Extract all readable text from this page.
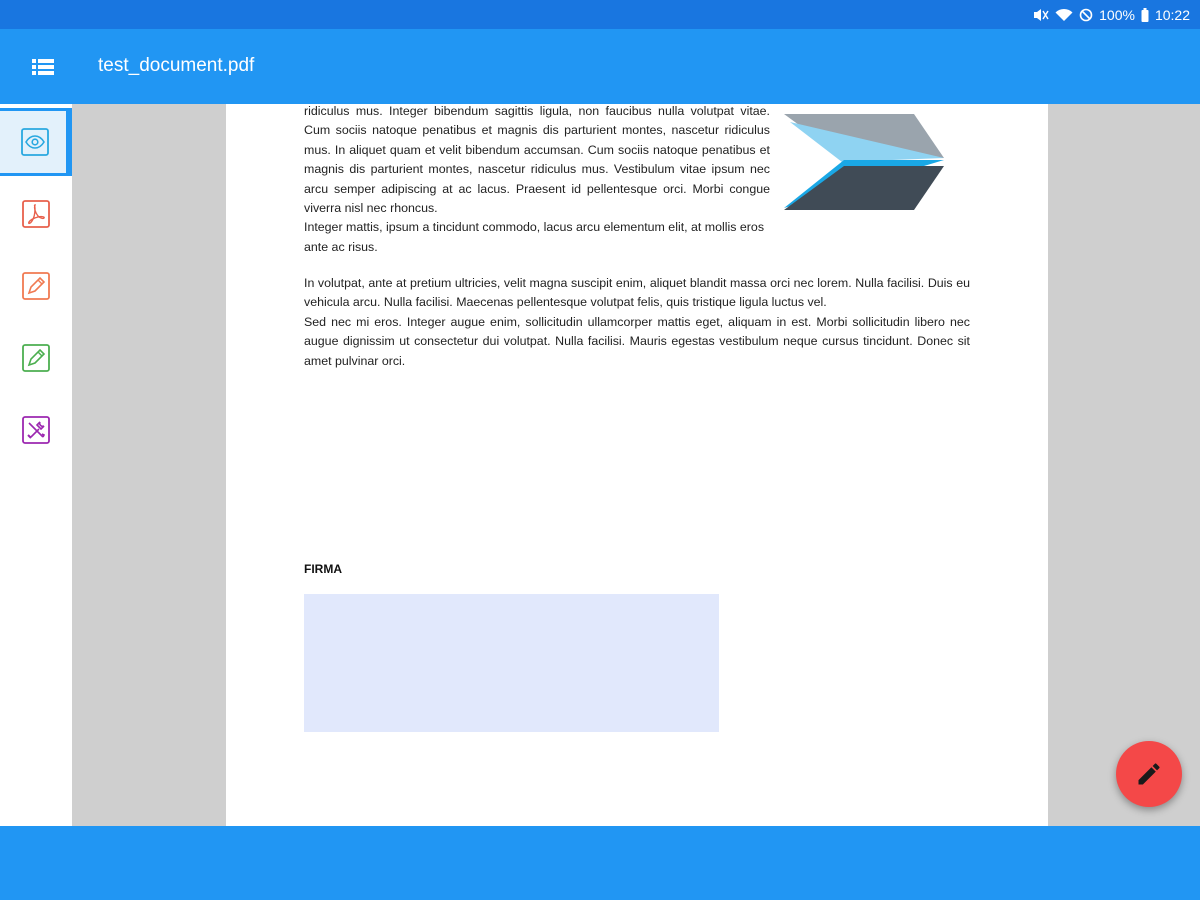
100% 10:22
test_document.pdf

ridiculus mus. Integer bibendum sagittis ligula, non faucibus nulla volutpat vitae. Cum sociis natoque penatibus et magnis dis parturient montes, nascetur ridiculus mus. In aliquet quam et velit bibendum accumsan. Cum sociis natoque penatibus et magnis dis parturient montes, nascetur ridiculus mus. Vestibulum vitae ipsum nec arcu semper adipiscing at ac lacus. Praesent id pellentesque orci. Morbi congue viverra nisl nec rhoncus.

Integer mattis, ipsum a tincidunt commodo, lacus arcu elementum elit, at mollis eros ante ac risus.

In volutpat, ante at pretium ultricies, velit magna suscipit enim, aliquet blandit massa orci nec lorem. Nulla facilisi. Duis eu vehicula arcu. Nulla facilisi. Maecenas pellentesque volutpat felis, quis tristique ligula luctus vel.

Sed nec mi eros. Integer augue enim, sollicitudin ullamcorper mattis eget, aliquam in est. Morbi sollicitudin libero nec augue dignissim ut consectetur dui volutpat. Nulla facilisi. Mauris egestas vestibulum neque cursus tincidunt. Donec sit amet pulvinar orci.

FIRMA
